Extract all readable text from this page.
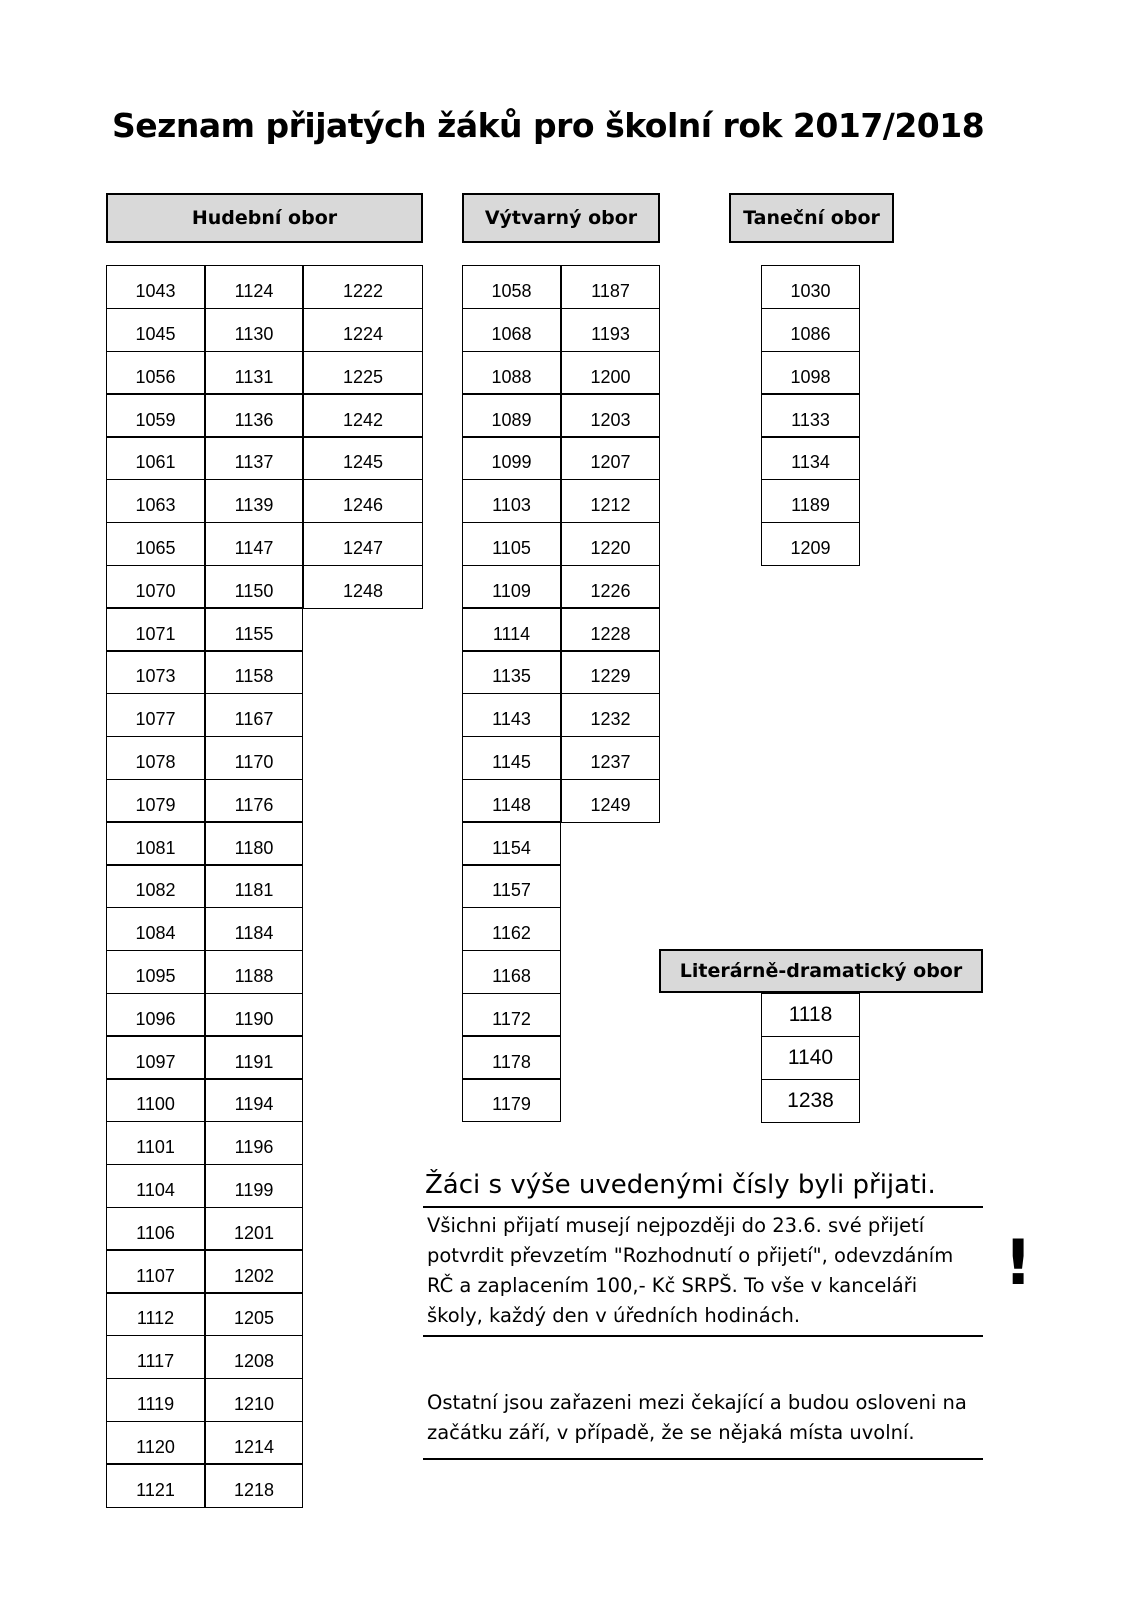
Seznam přijatých žáků pro školní rok 2017/2018
Hudební obor	Výtvarný obor	Taneční obor
Literárně-dramatický obor
1043
1045
1056
1059
1061
1063
1065
1070
1071
1073
1077
1078
1079
1081
1082
1084
1095
1096
1097
1100
1101
1104
1106
1107
1112
1117
1119
1120
1121
1124
1130
1131
1136
1137
1139
1147
1150
1155
1158
1167
1170
1176
1180
1181
1184
1188
1190
1191
1194
1196
1199
1201
1202
1205
1208
1210
1214
1218
1222
1224
1225
1242
1245
1246
1247
1248
1058
1068
1088
1089
1099
1103
1105
1109
1114
1135
1143
1145
1148
1154
1157
1162
1168
1172
1178
1179
1187
1193
1200
1203
1207
1212
1220
1226
1228
1229
1232
1237
1249
1030
1086
1098
1133
1134
1189
1209
1118
1140
1238
Žáci s výše uvedenými čísly byli přijati.
Všichni přijatí musejí nejpozději do 23.6. své přijetí potvrdit převzetím "Rozhodnutí o přijetí", odevzdáním RČ a zaplacením 100,- Kč SRPŠ. To vše v kanceláři školy, každý den v úředních hodinách.
!
Ostatní jsou zařazeni mezi čekající a budou osloveni na začátku září, v případě, že se nějaká místa uvolní.
